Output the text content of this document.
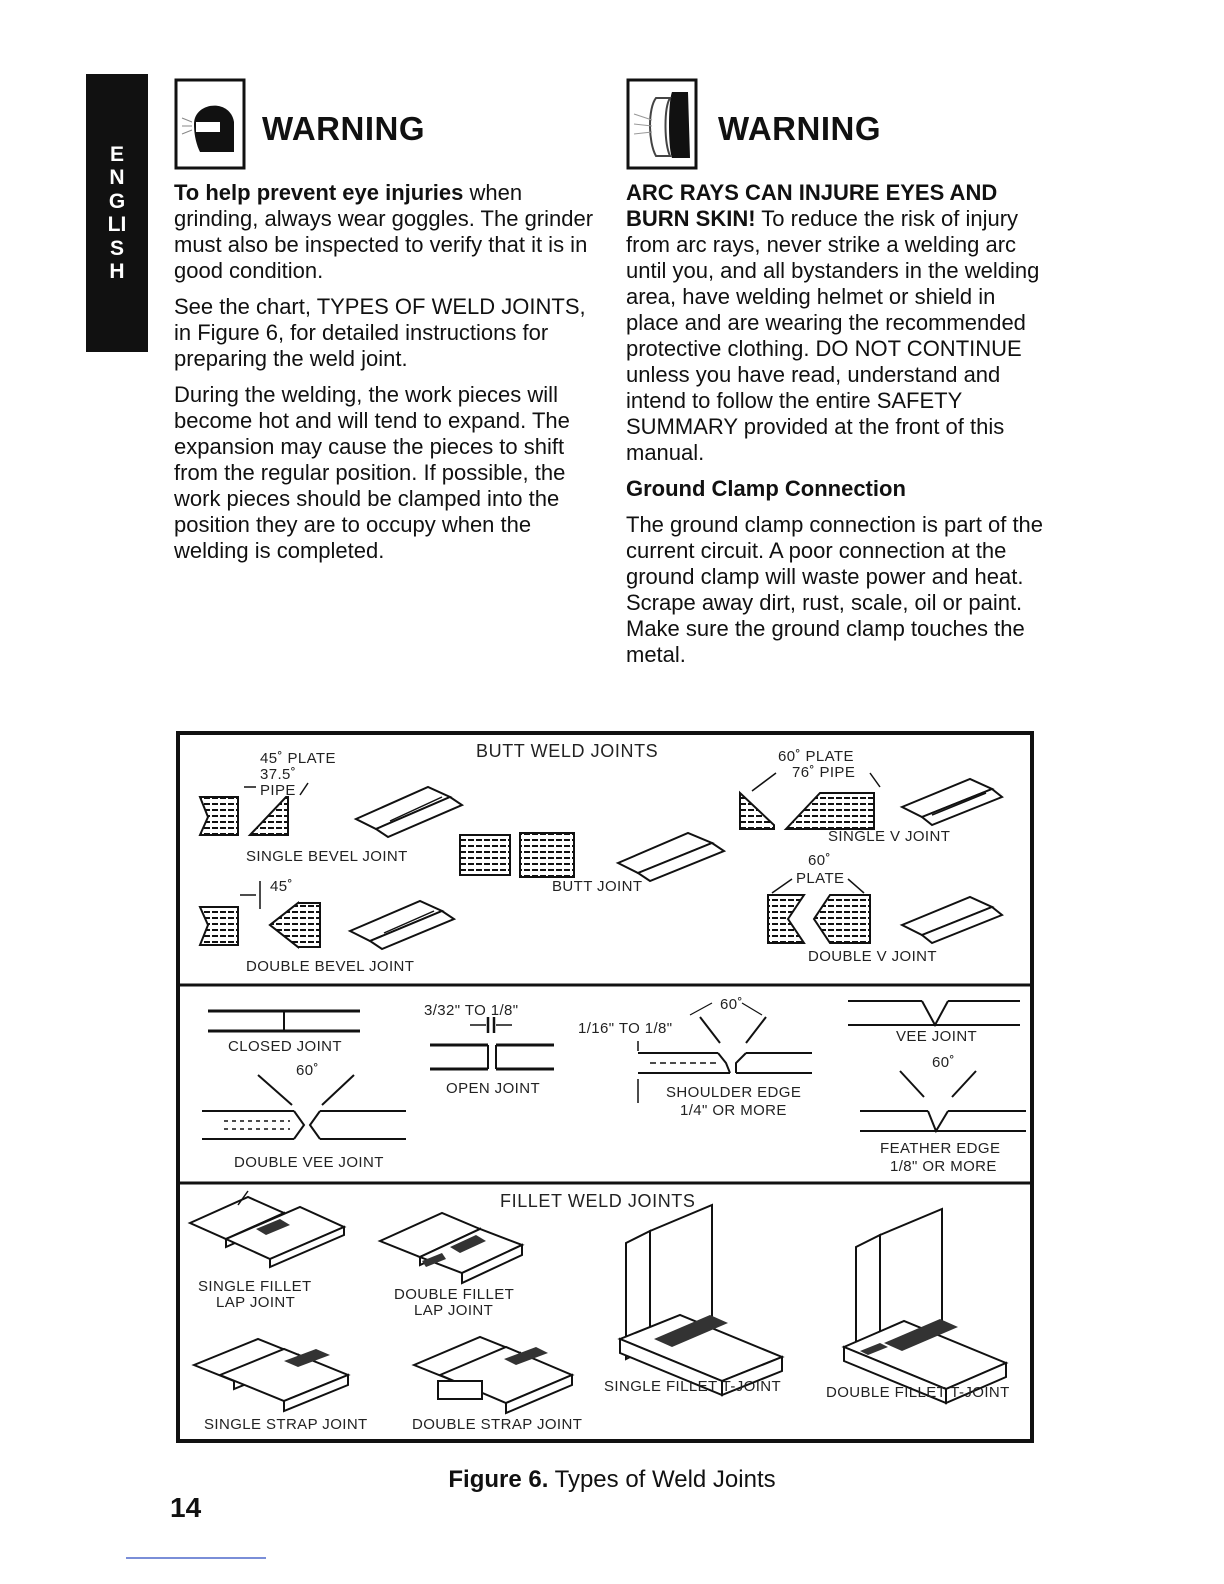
ENGLISH
WARNING

To help prevent eye injuries when grinding, always wear goggles. The grinder must also be inspected to verify that it is in good condition.

See the chart, TYPES OF WELD JOINTS, in Figure 6, for detailed instructions for preparing the weld joint.

During the welding, the work pieces will become hot and will tend to expand. The expansion may cause the pieces to shift from the regular position. If possible, the work pieces should be clamped into the position they are to occupy when the welding is completed.

WARNING

ARC RAYS CAN INJURE EYES AND BURN SKIN! To reduce the risk of injury from arc rays, never strike a welding arc until you, and all bystanders in the welding area, have welding helmet or shield in place and are wearing the recommended protective clothing. DO NOT CONTINUE unless you have read, understand and intend to follow the entire SAFETY SUMMARY provided at the front of this manual.

Ground Clamp Connection

The ground clamp connection is part of the current circuit. A poor connection at the ground clamp will waste power and heat. Scrape away dirt, rust, scale, oil or paint. Make sure the ground clamp touches the metal.

BUTT WELD JOINTS
45˚ PLATE
37.5˚
PIPE
SINGLE BEVEL JOINT
45˚
DOUBLE BEVEL JOINT
BUTT JOINT
60˚ PLATE
76˚ PIPE
SINGLE V JOINT
60˚
PLATE
DOUBLE V JOINT
CLOSED JOINT
60˚
DOUBLE VEE JOINT
3/32" TO 1/8"
OPEN JOINT
1/16" TO 1/8"
60˚
SHOULDER EDGE
1/4" OR MORE
VEE JOINT
60˚
FEATHER EDGE
1/8" OR MORE
FILLET WELD JOINTS
SINGLE FILLET
LAP JOINT	DOUBLE FILLET
LAP JOINT
SINGLE STRAP JOINT	DOUBLE STRAP JOINT
SINGLE FILLET T-JOINT	DOUBLE FILLET T-JOINT
Figure 6. Types of Weld Joints
14
